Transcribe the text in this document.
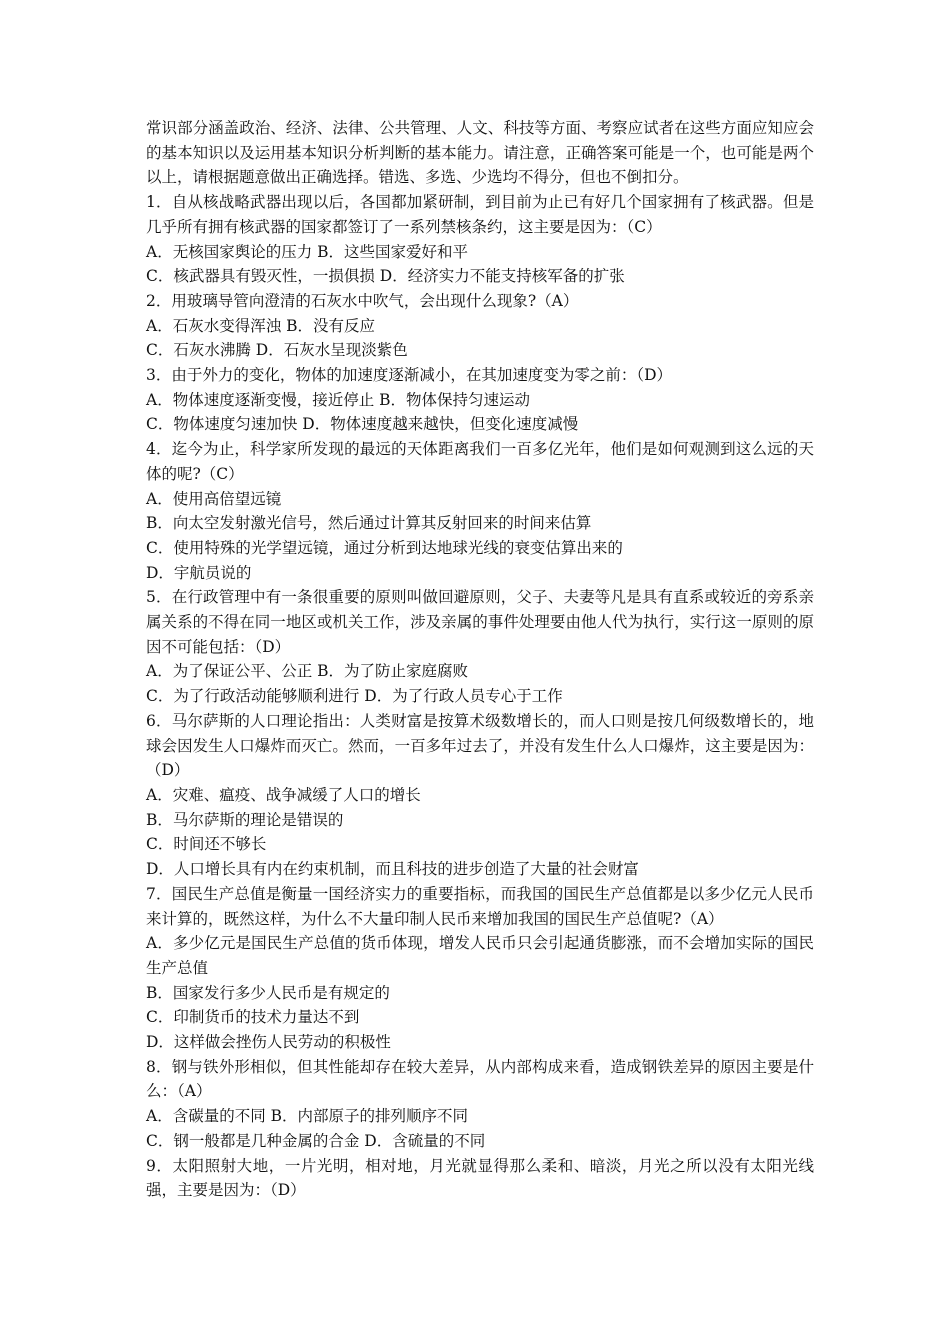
常识部分涵盖政治、经济、法律、公共管理、人文、科技等方面、考察应试者在这些方面应知应会的基本知识以及运用基本知识分析判断的基本能力。请注意，正确答案可能是一个，也可能是两个以上，请根据题意做出正确选择。错选、多选、少选均不得分，但也不倒扣分。

1．自从核战略武器出现以后，各国都加紧研制，到目前为止已有好几个国家拥有了核武器。但是几乎所有拥有核武器的国家都签订了一系列禁核条约，这主要是因为：（C）

A．无核国家舆论的压力 B．这些国家爱好和平

C．核武器具有毁灭性，一损俱损 D．经济实力不能支持核军备的扩张

2．用玻璃导管向澄清的石灰水中吹气，会出现什么现象?（A）

A．石灰水变得浑浊 B．没有反应

C．石灰水沸腾 D．石灰水呈现淡紫色

3．由于外力的变化，物体的加速度逐渐减小，在其加速度变为零之前：（D）

A．物体速度逐渐变慢，接近停止 B．物体保持匀速运动

C．物体速度匀速加快 D．物体速度越来越快，但变化速度减慢

4．迄今为止，科学家所发现的最远的天体距离我们一百多亿光年，他们是如何观测到这么远的天体的呢?（C）

A．使用高倍望远镜

B．向太空发射激光信号，然后通过计算其反射回来的时间来估算

C．使用特殊的光学望远镜，通过分析到达地球光线的衰变估算出来的

D．宇航员说的

5．在行政管理中有一条很重要的原则叫做回避原则，父子、夫妻等凡是具有直系或较近的旁系亲属关系的不得在同一地区或机关工作，涉及亲属的事件处理要由他人代为执行，实行这一原则的原因不可能包括：（D）

A．为了保证公平、公正 B．为了防止家庭腐败

C．为了行政活动能够顺利进行 D．为了行政人员专心于工作

6．马尔萨斯的人口理论指出：人类财富是按算术级数增长的，而人口则是按几何级数增长的，地球会因发生人口爆炸而灭亡。然而，一百多年过去了，并没有发生什么人口爆炸，这主要是因为：（D）

A．灾难、瘟疫、战争减缓了人口的增长

B．马尔萨斯的理论是错误的

C．时间还不够长

D．人口增长具有内在约束机制，而且科技的进步创造了大量的社会财富

7．国民生产总值是衡量一国经济实力的重要指标，而我国的国民生产总值都是以多少亿元人民币来计算的，既然这样，为什么不大量印制人民币来增加我国的国民生产总值呢?（A）

A．多少亿元是国民生产总值的货币体现，增发人民币只会引起通货膨涨，而不会增加实际的国民生产总值

B．国家发行多少人民币是有规定的

C．印制货币的技术力量达不到

D．这样做会挫伤人民劳动的积极性

8．钢与铁外形相似，但其性能却存在较大差异，从内部构成来看，造成钢铁差异的原因主要是什么：（A）

A．含碳量的不同 B．内部原子的排列顺序不同

C．钢一般都是几种金属的合金 D．含硫量的不同

9．太阳照射大地，一片光明，相对地，月光就显得那么柔和、暗淡，月光之所以没有太阳光线强，主要是因为：（D）
